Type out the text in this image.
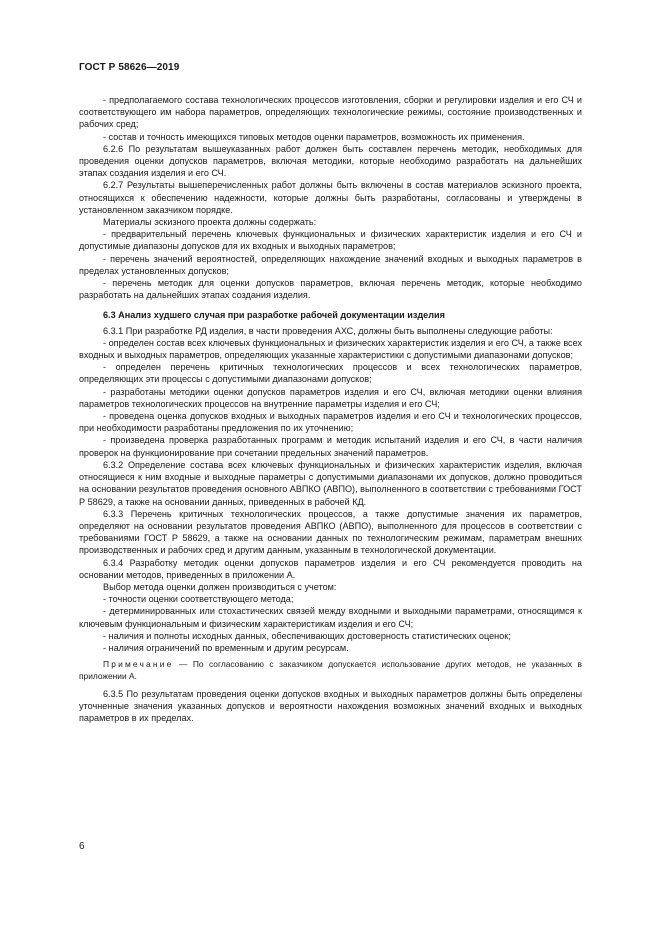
ГОСТ Р 58626—2019

- предполагаемого состава технологических процессов изготовления, сборки и регулировки изделия и его СЧ и соответствующего им набора параметров, определяющих технологические режимы, состояние производственных и рабочих сред;

- состав и точность имеющихся типовых методов оценки параметров, возможность их применения.

6.2.6 По результатам вышеуказанных работ должен быть составлен перечень методик, необходимых для проведения оценки допусков параметров, включая методики, которые необходимо разработать на дальнейших этапах создания изделия и его СЧ.

6.2.7 Результаты вышеперечисленных работ должны быть включены в состав материалов эскизного проекта, относящихся к обеспечению надежности, которые должны быть разработаны, согласованы и утверждены в установленном заказчиком порядке.

Материалы эскизного проекта должны содержать:

- предварительный перечень ключевых функциональных и физических характеристик изделия и его СЧ и допустимые диапазоны допусков для их входных и выходных параметров;

- перечень значений вероятностей, определяющих нахождение значений входных и выходных параметров в пределах установленных допусков;

- перечень методик для оценки допусков параметров, включая перечень методик, которые необходимо разработать на дальнейших этапах создания изделия.

6.3 Анализ худшего случая при разработке рабочей документации изделия

6.3.1 При разработке РД изделия, в части проведения АХС, должны быть выполнены следующие работы:

- определен состав всех ключевых функциональных и физических характеристик изделия и его СЧ, а также всех входных и выходных параметров, определяющих указанные характеристики с допустимыми диапазонами допусков;

- определен перечень критичных технологических процессов и всех технологических параметров, определяющих эти процессы с допустимыми диапазонами допусков;

- разработаны методики оценки допусков параметров изделия и его СЧ, включая методики оценки влияния параметров технологических процессов на внутренние параметры изделия и его СЧ;

- проведена оценка допусков входных и выходных параметров изделия и его СЧ и технологических процессов, при необходимости разработаны предложения по их уточнению;

- произведена проверка разработанных программ и методик испытаний изделия и его СЧ, в части наличия проверок на функционирование при сочетании предельных значений параметров.

6.3.2 Определение состава всех ключевых функциональных и физических характеристик изделия, включая относящиеся к ним входные и выходные параметры с допустимыми диапазонами их допусков, должно проводиться на основании результатов проведения основного АВПКО (АВПО), выполненного в соответствии с требованиями ГОСТ Р 58629, а также на основании данных, приведенных в рабочей КД.

6.3.3 Перечень критичных технологических процессов, а также допустимые значения их параметров, определяют на основании результатов проведения АВПКО (АВПО), выполненного для процессов в соответствии с требованиями ГОСТ Р 58629, а также на основании данных по технологическим режимам, параметрам внешних производственных и рабочих сред и другим данным, указанным в технологической документации.

6.3.4 Разработку методик оценки допусков параметров изделия и его СЧ рекомендуется проводить на основании методов, приведенных в приложении А.

Выбор метода оценки должен производиться с учетом:

- точности оценки соответствующего метода;

- детерминированных или стохастических связей между входными и выходными параметрами, относящимся к ключевым функциональным и физическим характеристикам изделия и его СЧ;

- наличия и полноты исходных данных, обеспечивающих достоверность статистических оценок;

- наличия ограничений по временным и другим ресурсам.

Примечание — По согласованию с заказчиком допускается использование других методов, не указанных в приложении А.

6.3.5 По результатам проведения оценки допусков входных и выходных параметров должны быть определены уточненные значения указанных допусков и вероятности нахождения возможных значений входных и выходных параметров в их пределах.

6
